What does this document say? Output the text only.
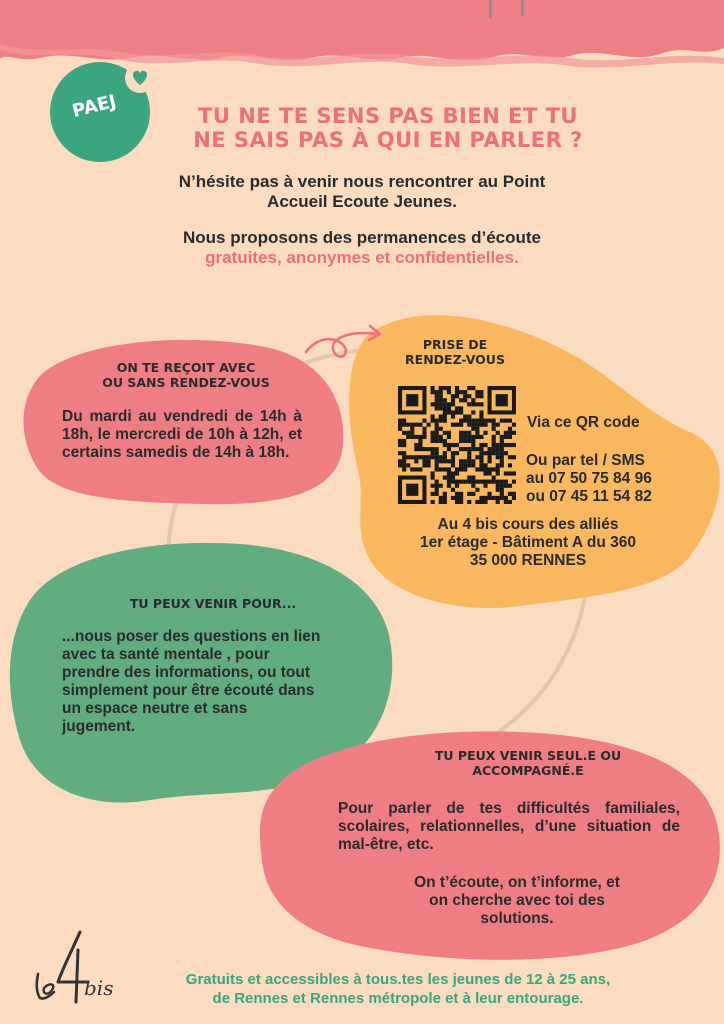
PAEJ	TU NE TE SENS PAS BIEN ET TU
NE SAIS PAS À QUI EN PARLER ?
N’hésite pas à venir nous rencontrer au Point
Accueil Ecoute Jeunes.
Nous proposons des permanences d’écoute
gratuites, anonymes et confidentielles.
ON TE REÇOIT AVEC
OU SANS RENDEZ-VOUS
Du mardi au vendredi de 14h à 18h, le mercredi de 10h à 12h, et certains samedis de 14h à 18h.
PRISE DE
RENDEZ-VOUS
Via ce QR code
Ou par tel / SMS
au 07 50 75 84 96
ou 07 45 11 54 82
Au 4 bis cours des alliés
1er étage - Bâtiment A du 360
35 000 RENNES
TU PEUX VENIR POUR...
...nous poser des questions en lien
avec ta santé mentale , pour
prendre des informations, ou tout
simplement pour être écouté dans
un espace neutre et sans
jugement.
TU PEUX VENIR SEUL.E OU
ACCOMPAGNÉ.E
Pour parler de tes difficultés familiales, scolaires, relationnelles, d’une situation de mal-être, etc.
On t’écoute, on t’informe, et
on cherche avec toi des
solutions.
bis	Gratuits et accessibles à tous.tes les jeunes de 12 à 25 ans,
de Rennes et Rennes métropole et à leur entourage.
